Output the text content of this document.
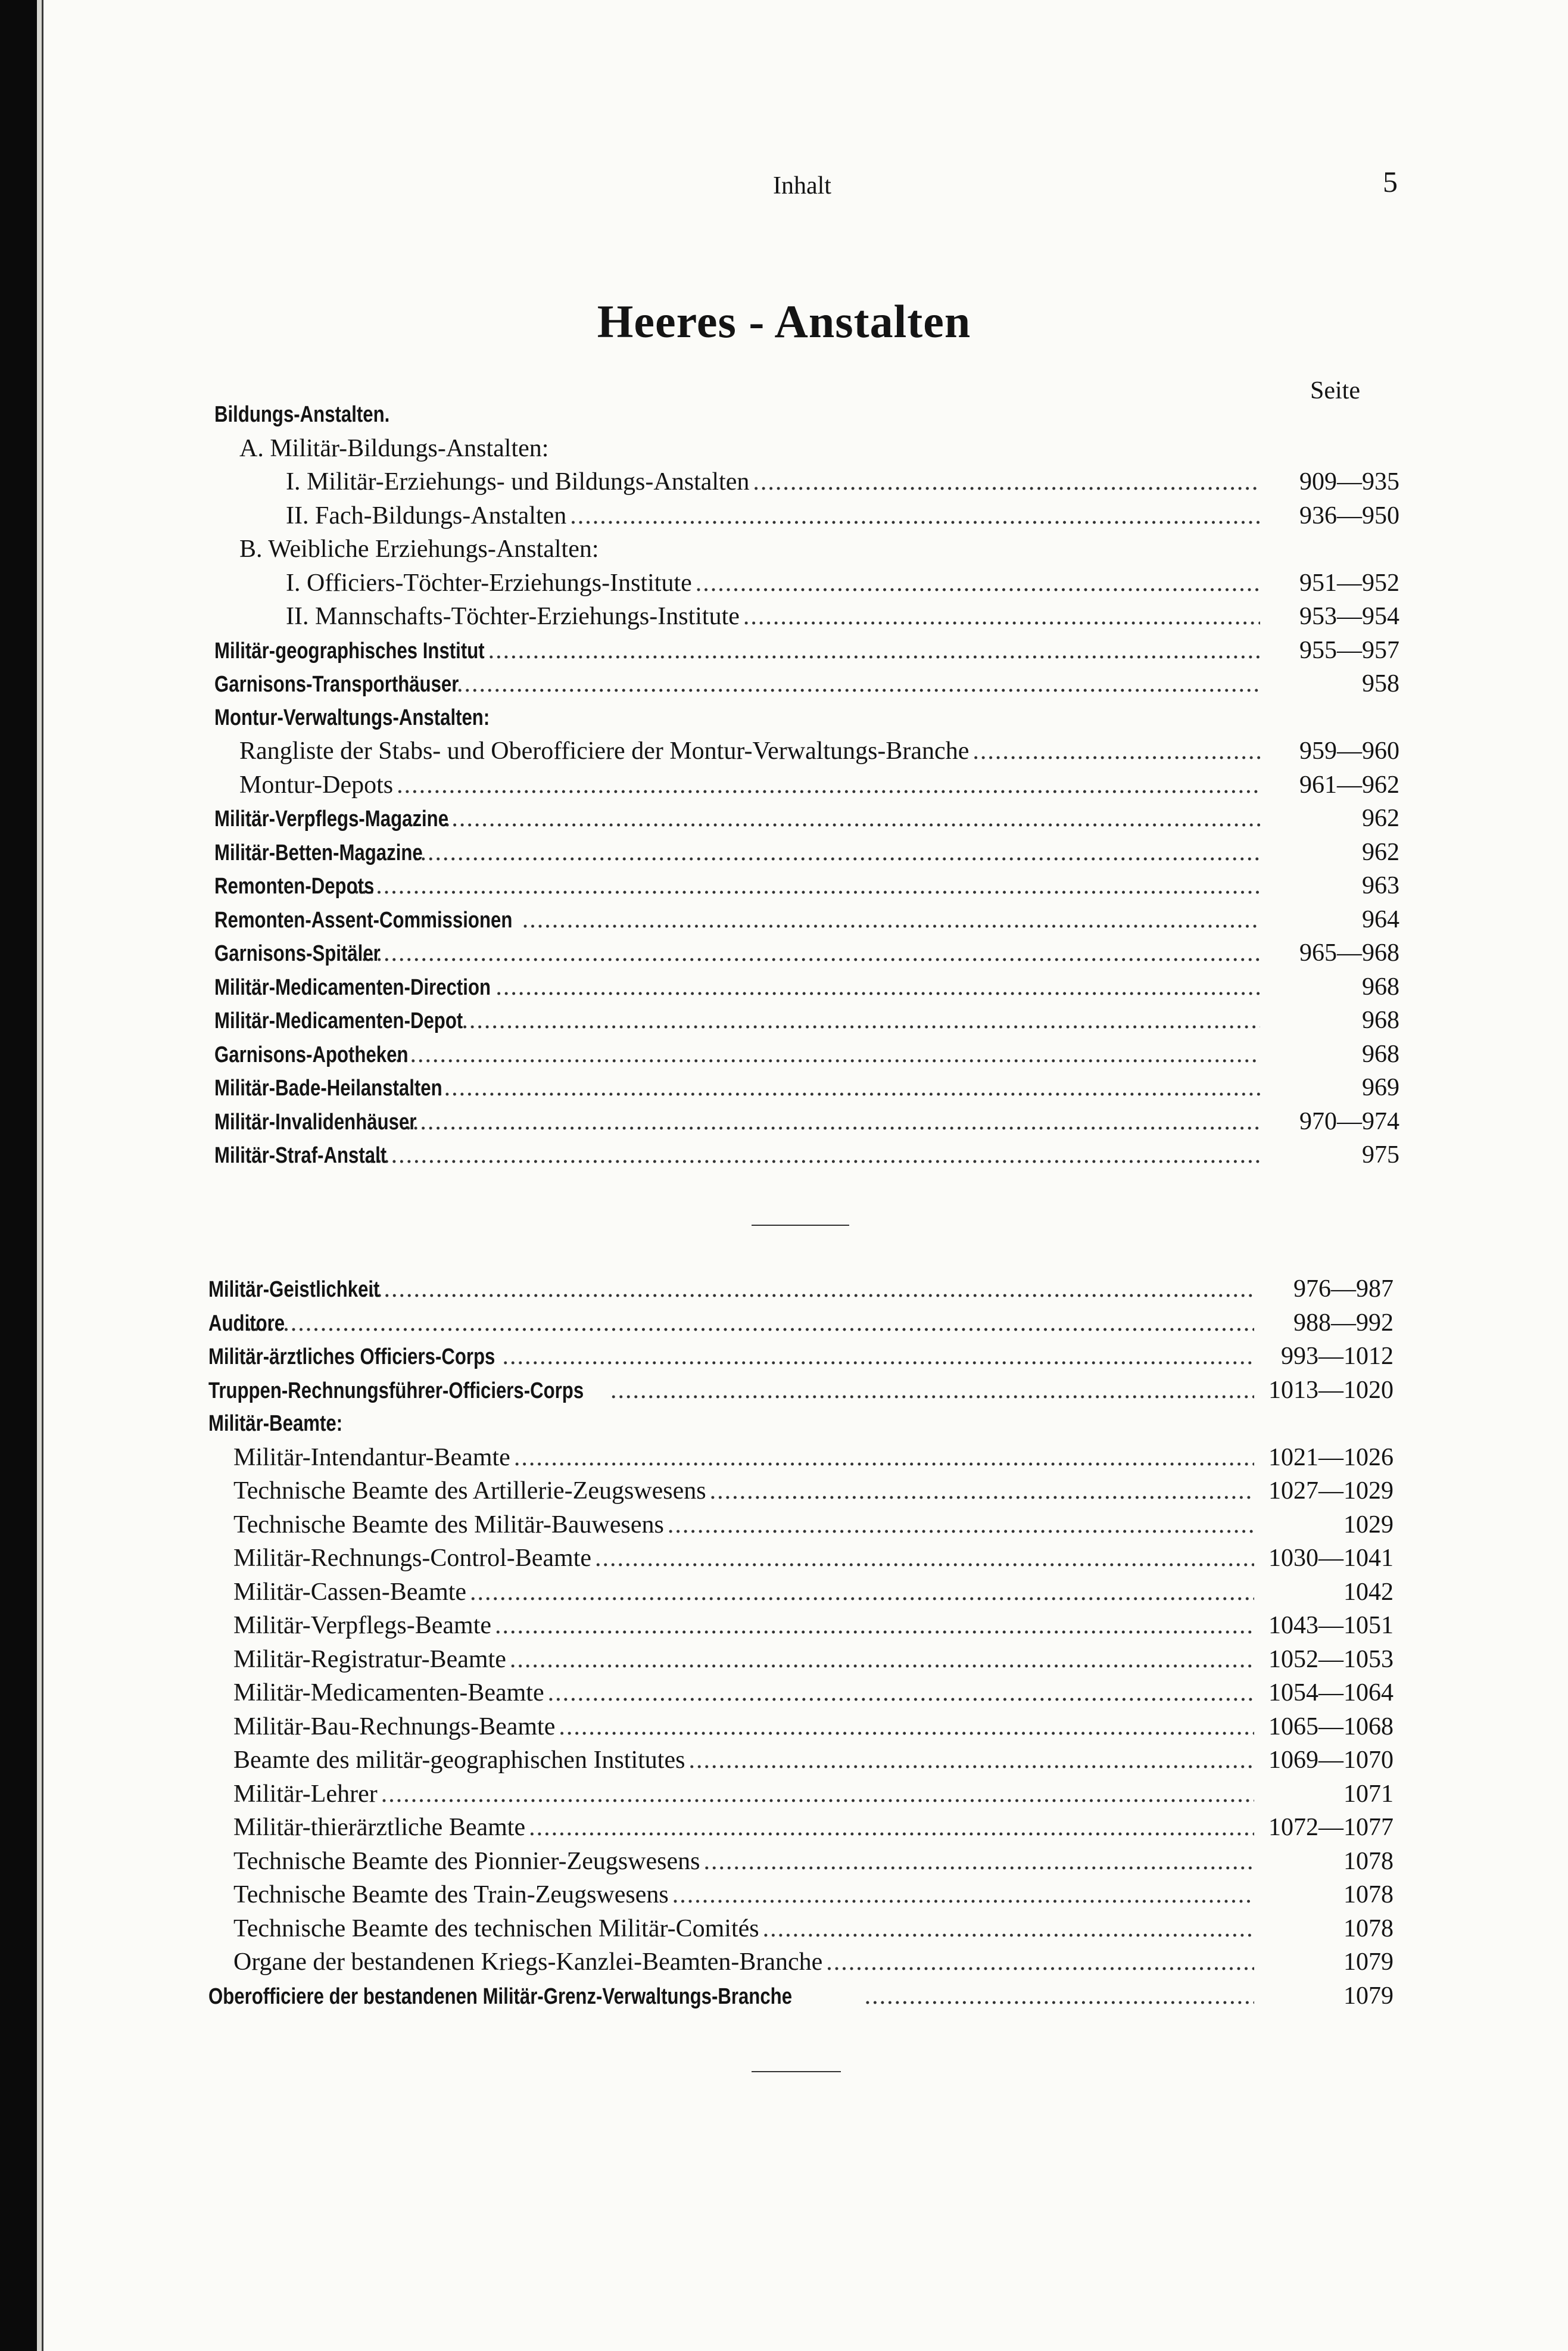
Inhalt	5
Heeres - Anstalten
Seite
Bildungs-Anstalten.
A. Militär-Bildungs-Anstalten:
I. Militär-Erziehungs- und Bildungs-Anstalten .....	909—935
II. Fach-Bildungs-Anstalten .....	936—950
B. Weibliche Erziehungs-Anstalten:
I. Officiers-Töchter-Erziehungs-Institute .....	951—952
II. Mannschafts-Töchter-Erziehungs-Institute .....	953—954
Militär-geographisches Institut .....	955—957
Garnisons-Transporthäuser .....	958
Montur-Verwaltungs-Anstalten:
Rangliste der Stabs- und Oberofficiere der Montur-Verwaltungs-Branche .....	959—960
Montur-Depots .....	961—962
Militär-Verpflegs-Magazine .....	962
Militär-Betten-Magazine .....	962
Remonten-Depots .....	963
Remonten-Assent-Commissionen .....	964
Garnisons-Spitäler .....	965—968
Militär-Medicamenten-Direction .....	968
Militär-Medicamenten-Depot .....	968
Garnisons-Apotheken .....	968
Militär-Bade-Heilanstalten .....	969
Militär-Invalidenhäuser .....	970—974
Militär-Straf-Anstalt .....	975
Militär-Geistlichkeit .....	976—987
Auditore .....	988—992
Militär-ärztliches Officiers-Corps .....	993—1012
Truppen-Rechnungsführer-Officiers-Corps .....	1013—1020
Militär-Beamte:
Militär-Intendantur-Beamte .....	1021—1026
Technische Beamte des Artillerie-Zeugswesens .....	1027—1029
Technische Beamte des Militär-Bauwesens .....	1029
Militär-Rechnungs-Control-Beamte .....	1030—1041
Militär-Cassen-Beamte .....	1042
Militär-Verpflegs-Beamte .....	1043—1051
Militär-Registratur-Beamte .....	1052—1053
Militär-Medicamenten-Beamte .....	1054—1064
Militär-Bau-Rechnungs-Beamte .....	1065—1068
Beamte des militär-geographischen Institutes .....	1069—1070
Militär-Lehrer .....	1071
Militär-thierärztliche Beamte .....	1072—1077
Technische Beamte des Pionnier-Zeugswesens .....	1078
Technische Beamte des Train-Zeugswesens .....	1078
Technische Beamte des technischen Militär-Comités .....	1078
Organe der bestandenen Kriegs-Kanzlei-Beamten-Branche .....	1079
Oberofficiere der bestandenen Militär-Grenz-Verwaltungs-Branche .....	1079
